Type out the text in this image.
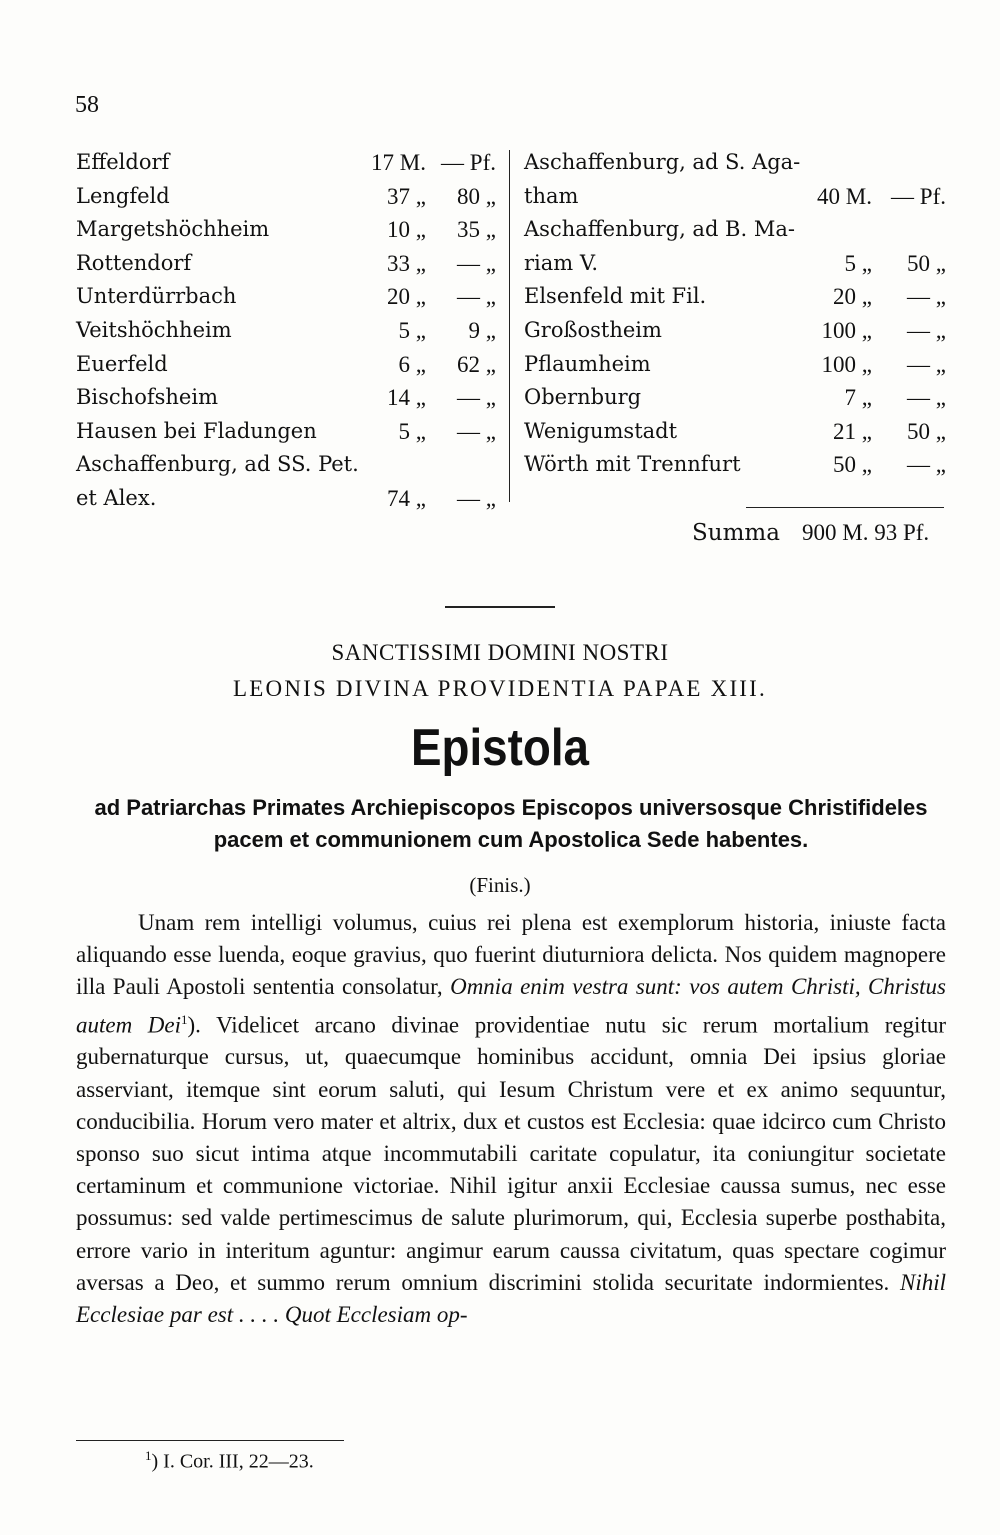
58
Effeldorf	17 M. — Pf.
Lengfeld	37 „	80 „
Margetshöchheim	10 „	35 „
Rottendorf	33 „	— „
Unterdürrbach	20 „	— „
Veitshöchheim	5 „	9 „
Euerfeld	6 „	62 „
Bischofsheim	14 „	— „
Hausen bei Fladungen	5 „	— „
Aschaffenburg, ad SS. Pet.
et Alex.	74 „	— „
Aschaffenburg, ad S. Aga-
tham	40 M. — Pf.
Aschaffenburg, ad B. Ma-
riam V.	5 „	50 „
Elsenfeld mit Fil.	20 „	— „
Großostheim	100 „	— „
Pflaumheim	100 „	— „
Obernburg	7 „	— „
Wenigumstadt	21 „	50 „
Wörth mit Trennfurt	50 „	— „
Summa 900 M. 93 Pf.
SANCTISSIMI DOMINI NOSTRI
LEONIS DIVINA PROVIDENTIA PAPAE XIII.
Epistola
ad Patriarchas Primates Archiepiscopos Episcopos universosque Christifideles pacem et communionem cum Apostolica Sede habentes.
(Finis.)
Unam rem intelligi volumus, cuius rei plena est exemplorum historia, iniuste facta aliquando esse luenda, eoque gravius, quo fuerint diuturniora delicta. Nos quidem magnopere illa Pauli Apostoli sententia consolatur, Omnia enim vestra sunt: vos autem Christi, Christus autem Dei$^1$). Videlicet arcano divinae providentiae nutu sic rerum mortalium regitur gubernaturque cursus, ut, quaecumque hominibus accidunt, omnia Dei ipsius gloriae asserviant, itemque sint eorum saluti, qui Iesum Christum vere et ex animo sequuntur, conducibilia. Horum vero mater et altrix, dux et custos est Ecclesia: quae idcirco cum Christo sponso suo sicut intima atque incommutabili caritate copulatur, ita coniungitur societate certaminum et communione victoriae. Nihil igitur anxii Ecclesiae caussa sumus, nec esse possumus: sed valde pertimescimus de salute plurimorum, qui, Ecclesia superbe posthabita, errore vario in interitum aguntur: angimur earum caussa civitatum, quas spectare cogimur aversas a Deo, et summo rerum omnium discrimini stolida securitate indormientes. Nihil Ecclesiae par est . . . . Quot Ecclesiam op-
$^1$) I. Cor. III, 22—23.
